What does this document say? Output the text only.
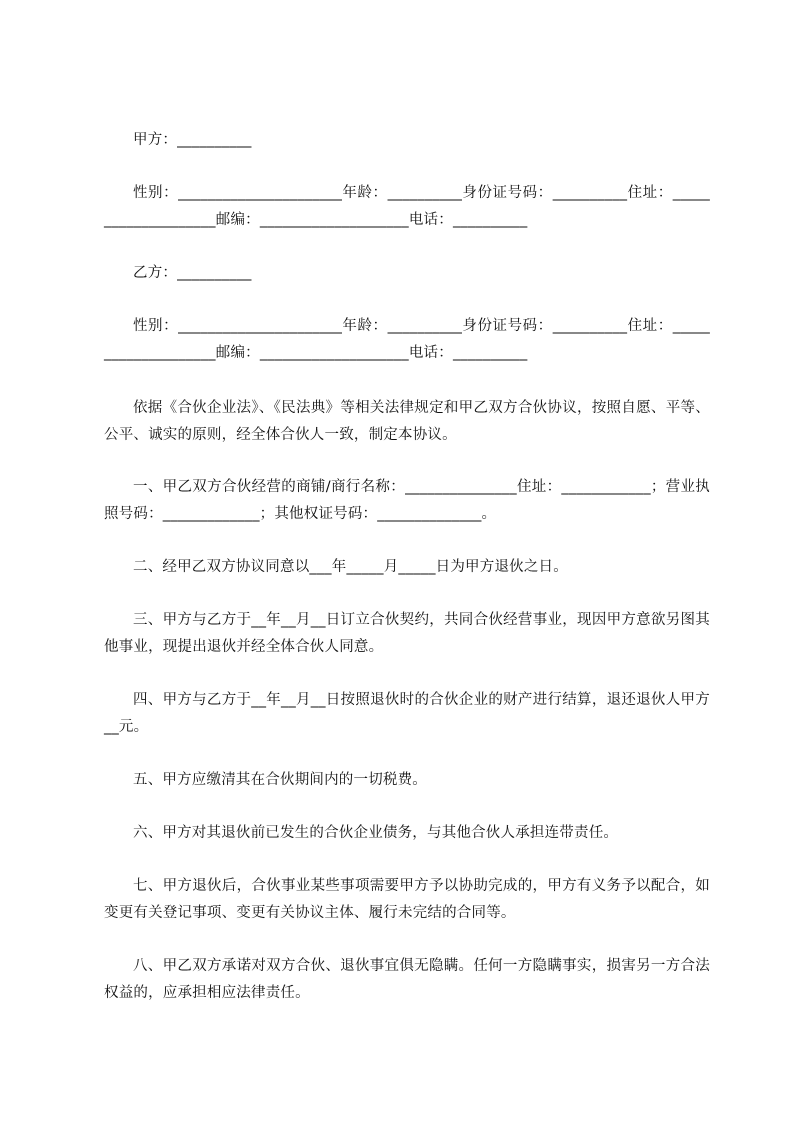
甲方：__________
性别：______________________年龄：__________身份证号码：__________住址：____________________邮编：____________________电话：__________
乙方：__________
性别：______________________年龄：__________身份证号码：__________住址：____________________邮编：____________________电话：__________
依据《合伙企业法》、《民法典》等相关法律规定和甲乙双方合伙协议，按照自愿、平等、公平、诚实的原则，经全体合伙人一致，制定本协议。
一、甲乙双方合伙经营的商铺/商行名称：_______________住址：____________；营业执照号码：_____________；其他权证号码：______________。
二、经甲乙双方协议同意以___年_____月_____日为甲方退伙之日。
三、甲方与乙方于__年__月__日订立合伙契约，共同合伙经营事业，现因甲方意欲另图其他事业，现提出退伙并经全体合伙人同意。
四、甲方与乙方于__年__月__日按照退伙时的合伙企业的财产进行结算，退还退伙人甲方__元。
五、甲方应缴清其在合伙期间内的一切税费。
六、甲方对其退伙前已发生的合伙企业债务，与其他合伙人承担连带责任。
七、甲方退伙后，合伙事业某些事项需要甲方予以协助完成的，甲方有义务予以配合，如变更有关登记事项、变更有关协议主体、履行未完结的合同等。
八、甲乙双方承诺对双方合伙、退伙事宜俱无隐瞒。任何一方隐瞒事实，损害另一方合法权益的，应承担相应法律责任。
